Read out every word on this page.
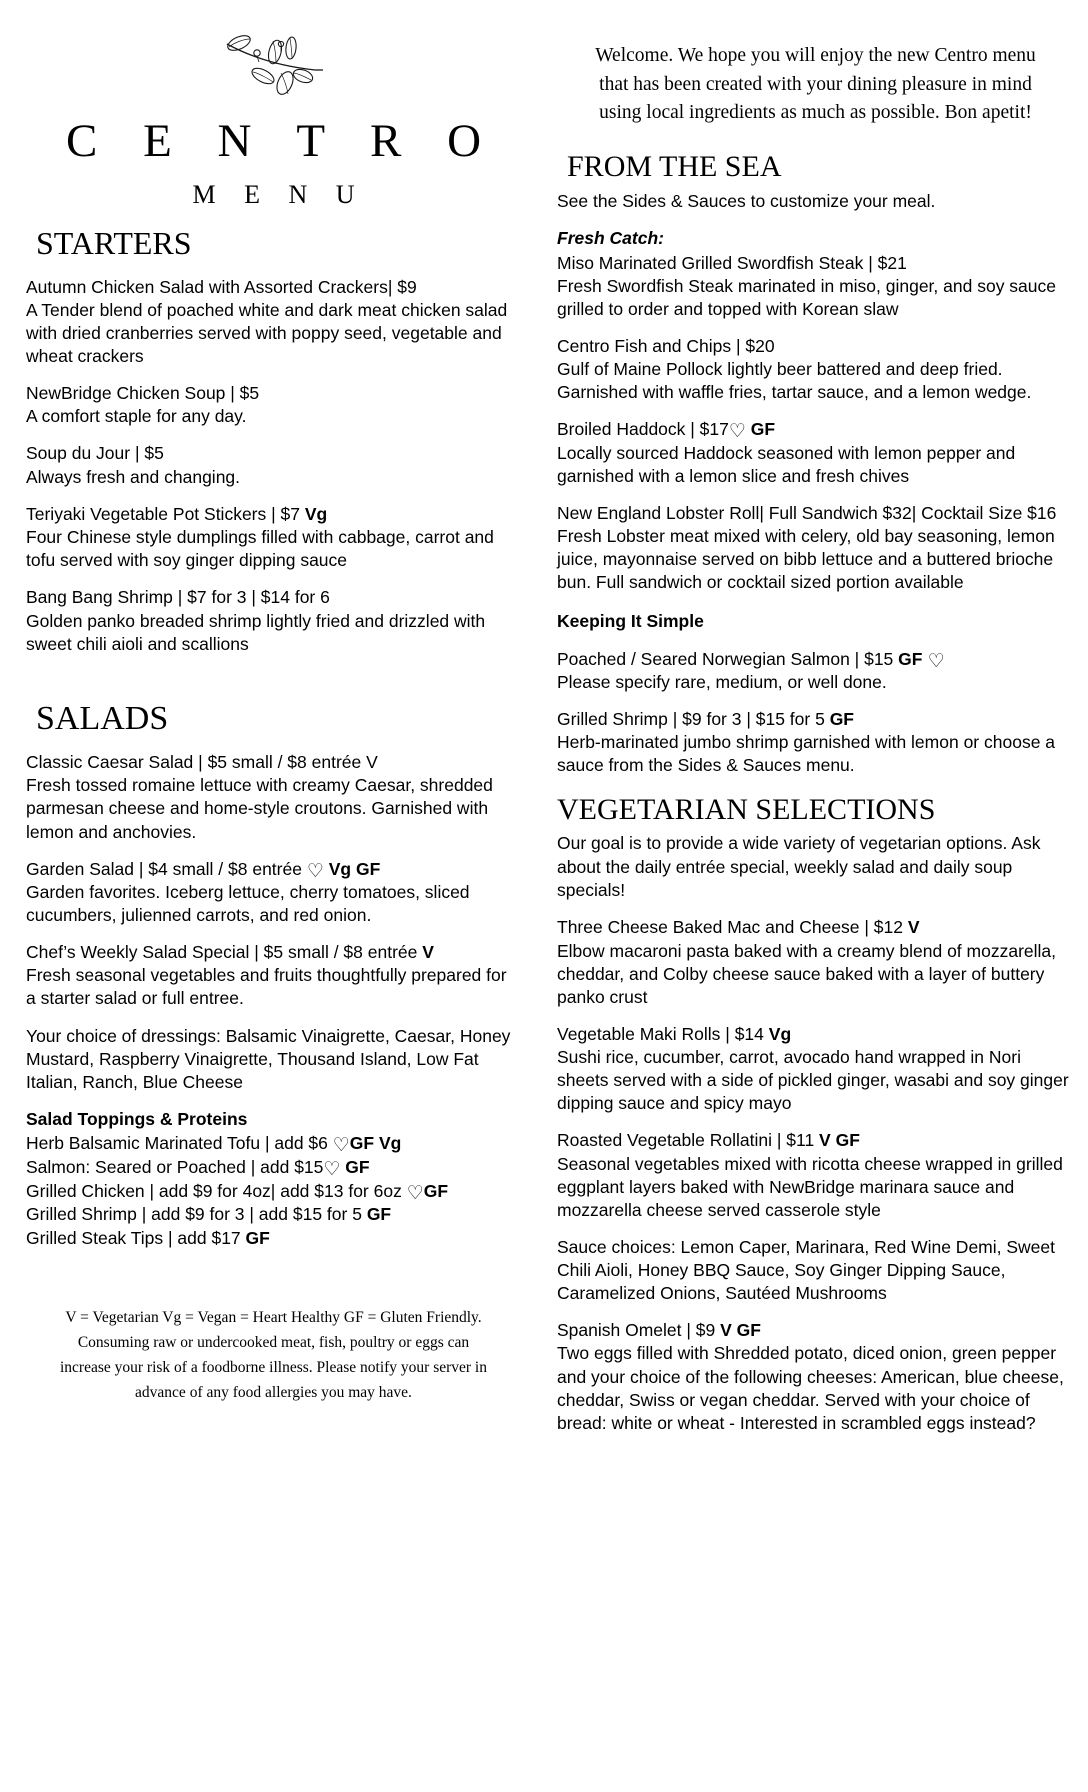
C E N T R O
M E N U
STARTERS
Autumn Chicken Salad with Assorted Crackers| $9
A Tender blend of poached white and dark meat chicken salad with dried cranberries served with poppy seed, vegetable and wheat crackers
NewBridge Chicken Soup | $5
A comfort staple for any day.
Soup du Jour | $5
Always fresh and changing.
Teriyaki Vegetable Pot Stickers | $7 Vg
Four Chinese style dumplings filled with cabbage, carrot and tofu served with soy ginger dipping sauce
Bang Bang Shrimp | $7 for 3 | $14 for 6
Golden panko breaded shrimp lightly fried and drizzled with sweet chili aioli and scallions
SALADS
Classic Caesar Salad | $5 small / $8 entrée V
Fresh tossed romaine lettuce with creamy Caesar, shredded parmesan cheese and home-style croutons. Garnished with lemon and anchovies.
Garden Salad | $4 small / $8 entrée ♡ Vg GF
Garden favorites. Iceberg lettuce, cherry tomatoes, sliced cucumbers, julienned carrots, and red onion.
Chef’s Weekly Salad Special | $5 small / $8 entrée V
Fresh seasonal vegetables and fruits thoughtfully prepared for a starter salad or full entree.
Your choice of dressings: Balsamic Vinaigrette, Caesar, Honey Mustard, Raspberry Vinaigrette, Thousand Island, Low Fat Italian, Ranch, Blue Cheese
Salad Toppings & Proteins
Herb Balsamic Marinated Tofu | add $6 ♡GF Vg
Salmon: Seared or Poached | add $15♡ GF
Grilled Chicken | add $9 for 4oz| add $13 for 6oz ♡GF
Grilled Shrimp | add $9 for 3 | add $15 for 5 GF
Grilled Steak Tips | add $17 GF
V = Vegetarian Vg = Vegan = Heart Healthy GF = Gluten Friendly. Consuming raw or undercooked meat, fish, poultry or eggs can increase your risk of a foodborne illness. Please notify your server in advance of any food allergies you may have.
Welcome. We hope you will enjoy the new Centro menu that has been created with your dining pleasure in mind using local ingredients as much as possible. Bon apetit!
FROM THE SEA
See the Sides & Sauces to customize your meal.
Fresh Catch:
Miso Marinated Grilled Swordfish Steak | $21
Fresh Swordfish Steak marinated in miso, ginger, and soy sauce grilled to order and topped with Korean slaw
Centro Fish and Chips | $20
Gulf of Maine Pollock lightly beer battered and deep fried. Garnished with waffle fries, tartar sauce, and a lemon wedge.
Broiled Haddock | $17♡ GF
Locally sourced Haddock seasoned with lemon pepper and garnished with a lemon slice and fresh chives
New England Lobster Roll| Full Sandwich $32| Cocktail Size $16
Fresh Lobster meat mixed with celery, old bay seasoning, lemon juice, mayonnaise served on bibb lettuce and a buttered brioche bun. Full sandwich or cocktail sized portion available
Keeping It Simple
Poached / Seared Norwegian Salmon | $15 GF ♡
Please specify rare, medium, or well done.
Grilled Shrimp | $9 for 3 | $15 for 5 GF
Herb-marinated jumbo shrimp garnished with lemon or choose a sauce from the Sides & Sauces menu.
VEGETARIAN SELECTIONS
Our goal is to provide a wide variety of vegetarian options. Ask about the daily entrée special, weekly salad and daily soup specials!
Three Cheese Baked Mac and Cheese | $12 V
Elbow macaroni pasta baked with a creamy blend of mozzarella, cheddar, and Colby cheese sauce baked with a layer of buttery panko crust
Vegetable Maki Rolls | $14 Vg
Sushi rice, cucumber, carrot, avocado hand wrapped in Nori sheets served with a side of pickled ginger, wasabi and soy ginger dipping sauce and spicy mayo
Roasted Vegetable Rollatini | $11 V GF
Seasonal vegetables mixed with ricotta cheese wrapped in grilled eggplant layers baked with NewBridge marinara sauce and mozzarella cheese served casserole style
Sauce choices: Lemon Caper, Marinara, Red Wine Demi, Sweet Chili Aioli, Honey BBQ Sauce, Soy Ginger Dipping Sauce, Caramelized Onions, Sautéed Mushrooms
Spanish Omelet | $9 V GF
Two eggs filled with Shredded potato, diced onion, green pepper and your choice of the following cheeses: American, blue cheese, cheddar, Swiss or vegan cheddar. Served with your choice of bread: white or wheat - Interested in scrambled eggs instead?
